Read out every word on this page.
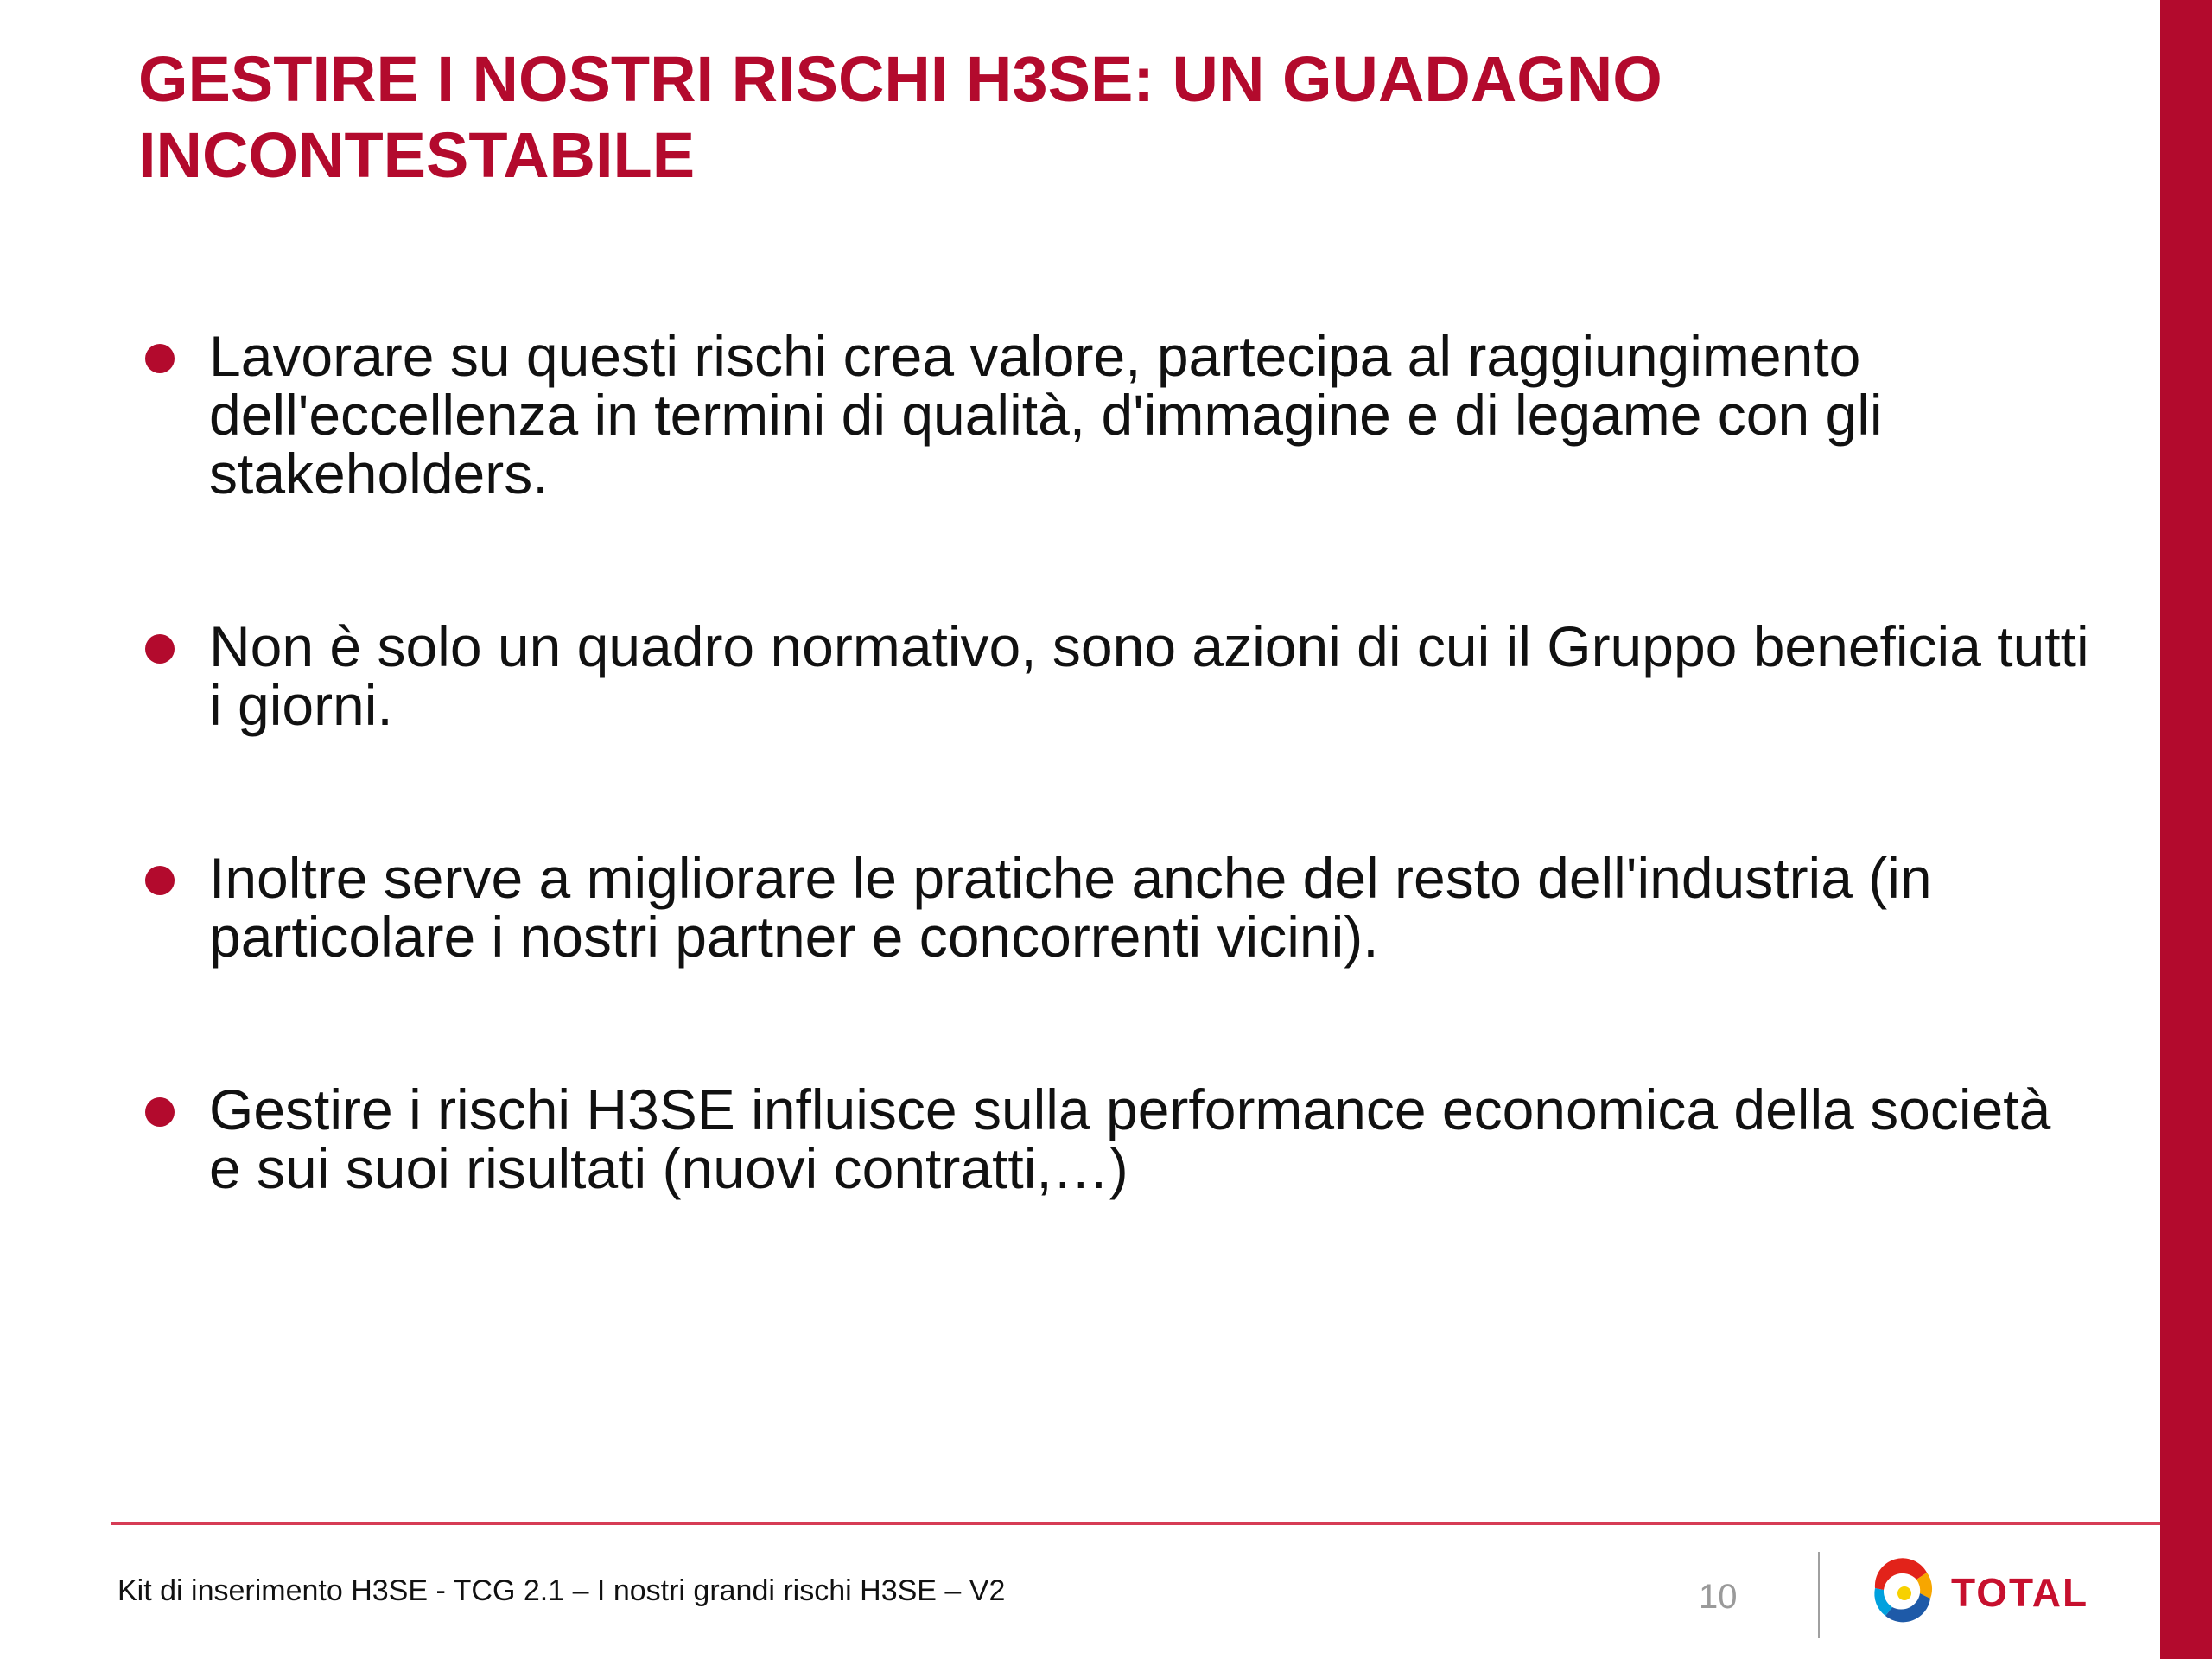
GESTIRE I NOSTRI RISCHI H3SE: UN GUADAGNO INCONTESTABILE
Lavorare su questi rischi crea valore, partecipa al raggiungimento dell'eccellenza in termini di qualità, d'immagine e di legame con gli stakeholders.
Non è solo un quadro normativo, sono azioni di cui il Gruppo beneficia tutti i giorni.
Inoltre serve a migliorare le pratiche anche del resto dell'industria (in particolare i nostri partner e concorrenti vicini).
Gestire i rischi H3SE influisce sulla performance economica della società e sui suoi risultati (nuovi contratti,…)
Kit di inserimento H3SE - TCG 2.1 – I nostri grandi rischi H3SE – V2	10	TOTAL
